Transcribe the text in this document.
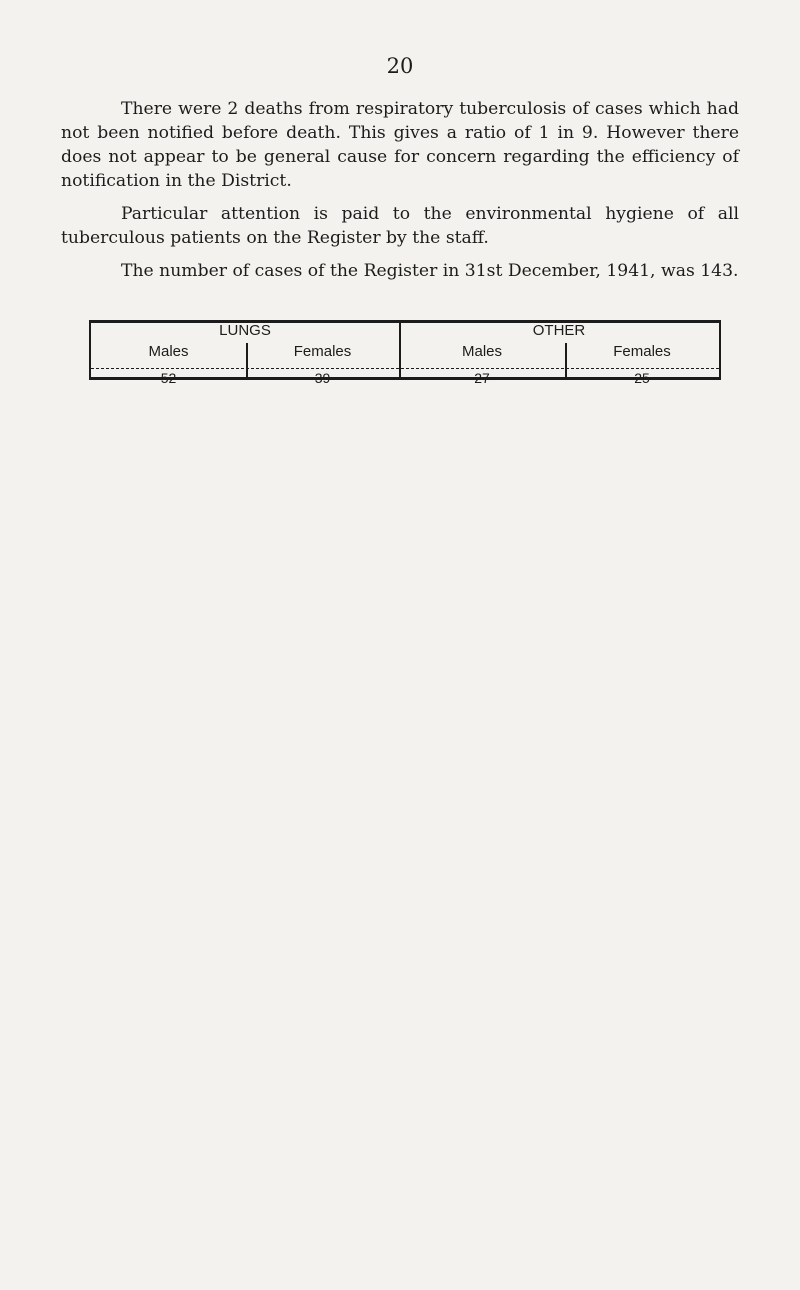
20

There were 2 deaths from respiratory tuberculosis of cases which had not been notified before death. This gives a ratio of 1 in 9. However there does not appear to be general cause for concern regarding the efficiency of notification in the District.

Particular attention is paid to the environmental hygiene of all tuberculous patients on the Register by the staff.

The number of cases of the Register in 31st December, 1941, was 143.

LUNGS	OTHER
Males	Females	Males	Females
52	39	27	25
